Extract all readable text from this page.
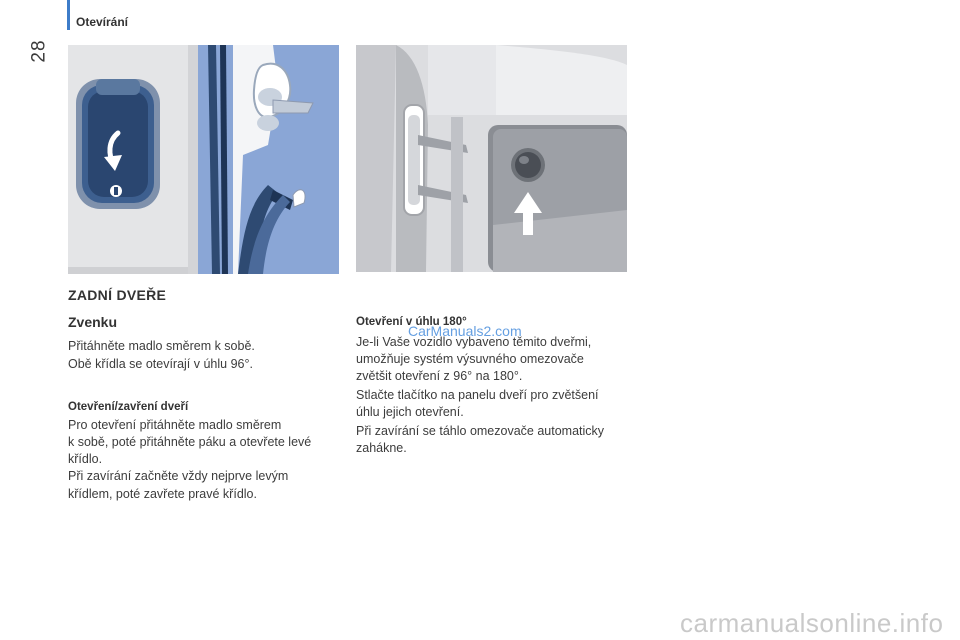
Otevírání
28
ZADNÍ DVEŘE
Zvenku
Přitáhněte madlo směrem k sobě.
Obě křídla se otevírají v úhlu 96°.
Otevření/zavření dveří
Pro otevření přitáhněte madlo směrem
k sobě, poté přitáhněte páku a otevřete levé
křídlo.
Při zavírání začněte vždy nejprve levým
křídlem, poté zavřete pravé křídlo.
Otevření v úhlu 180°
Je-li Vaše vozidlo vybaveno těmito dveřmi,
umožňuje systém výsuvného omezovače
zvětšit otevření z 96° na 180°.
Stlačte tlačítko na panelu dveří pro zvětšení
úhlu jejich otevření.
Při zavírání se táhlo omezovače automaticky
zahákne.
CarManuals2.com
carmanualsonline.info
